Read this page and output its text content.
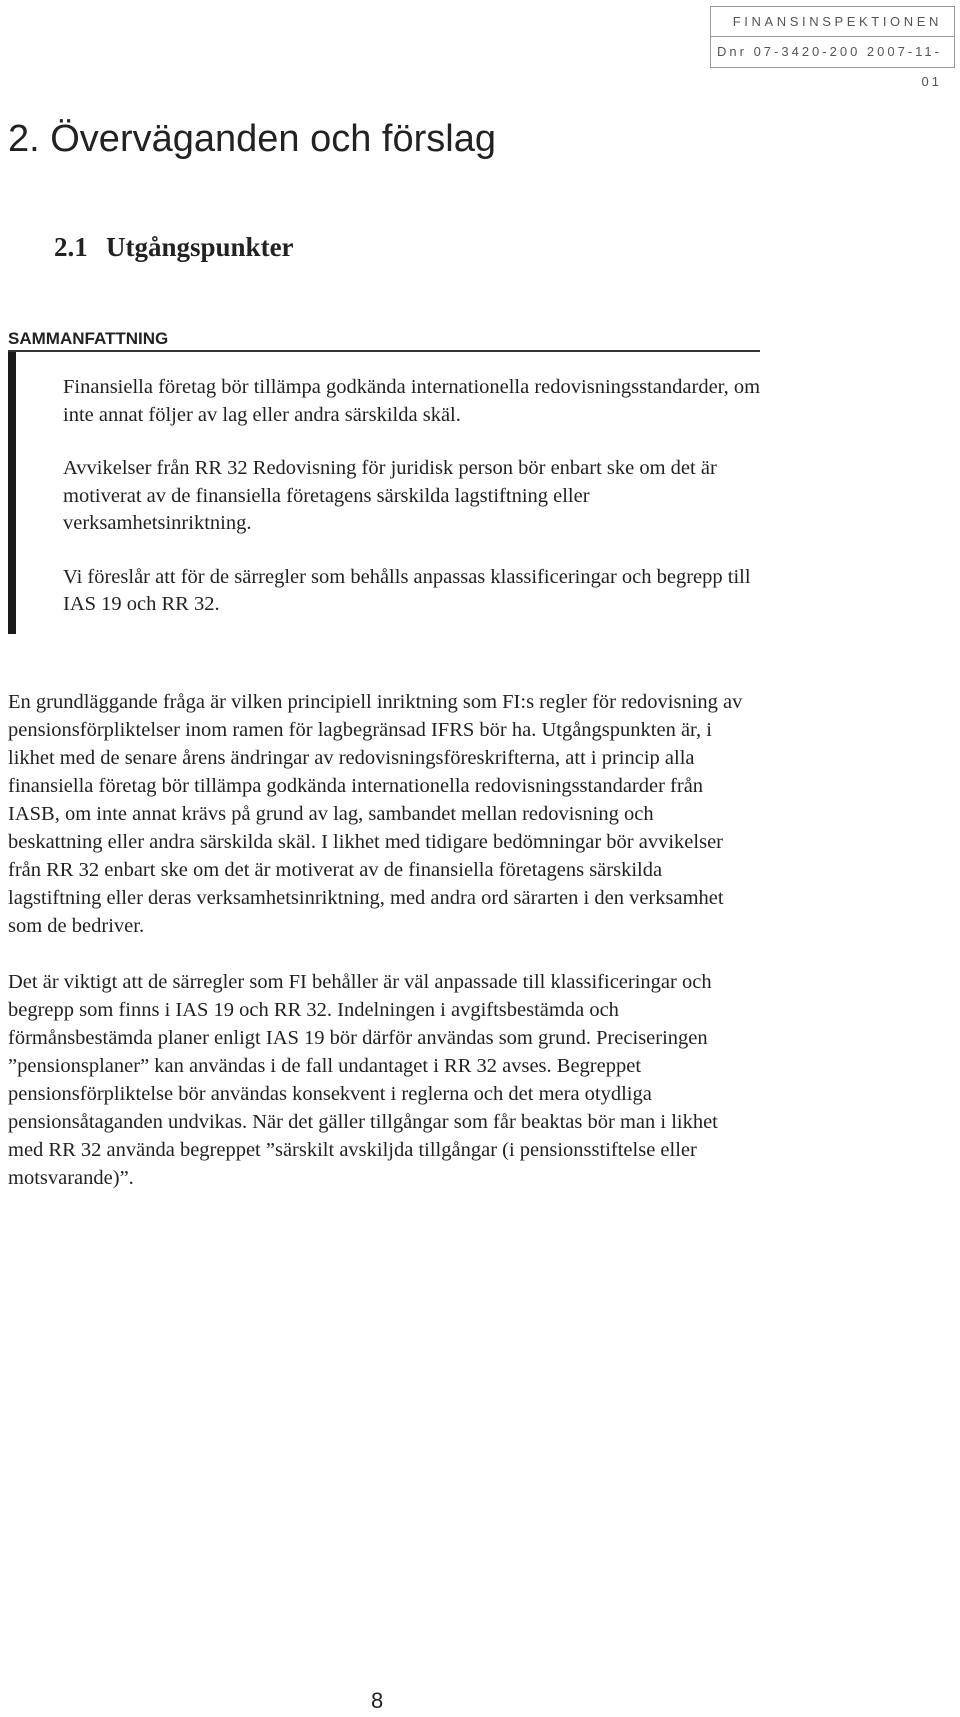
FINANSINSPEKTIONEN
Dnr 07-3420-200 2007-11-01
2. Överväganden och förslag
2.1 Utgångspunkter
SAMMANFATTNING

Finansiella företag bör tillämpa godkända internationella redovisningsstandarder, om inte annat följer av lag eller andra särskilda skäl.

Avvikelser från RR 32 Redovisning för juridisk person bör enbart ske om det är motiverat av de finansiella företagens särskilda lagstiftning eller verksamhetsinriktning.

Vi föreslår att för de särregler som behålls anpassas klassificeringar och begrepp till IAS 19 och RR 32.

En grundläggande fråga är vilken principiell inriktning som FI:s regler för redovisning av pensionsförpliktelser inom ramen för lagbegränsad IFRS bör ha. Utgångspunkten är, i likhet med de senare årens ändringar av redovisningsföreskrifterna, att i princip alla finansiella företag bör tillämpa godkända internationella redovisningsstandarder från IASB, om inte annat krävs på grund av lag, sambandet mellan redovisning och beskattning eller andra särskilda skäl. I likhet med tidigare bedömningar bör avvikelser från RR 32 enbart ske om det är motiverat av de finansiella företagens särskilda lagstiftning eller deras verksamhetsinriktning, med andra ord särarten i den verksamhet som de bedriver.

Det är viktigt att de särregler som FI behåller är väl anpassade till klassificeringar och begrepp som finns i IAS 19 och RR 32. Indelningen i avgiftsbestämda och förmånsbestämda planer enligt IAS 19 bör därför användas som grund. Preciseringen ”pensionsplaner” kan användas i de fall undantaget i RR 32 avses. Begreppet pensionsförpliktelse bör användas konsekvent i reglerna och det mera otydliga pensionsåtaganden undvikas. När det gäller tillgångar som får beaktas bör man i likhet med RR 32 använda begreppet ”särskilt avskiljda tillgångar (i pensionsstiftelse eller motsvarande)”.

8
